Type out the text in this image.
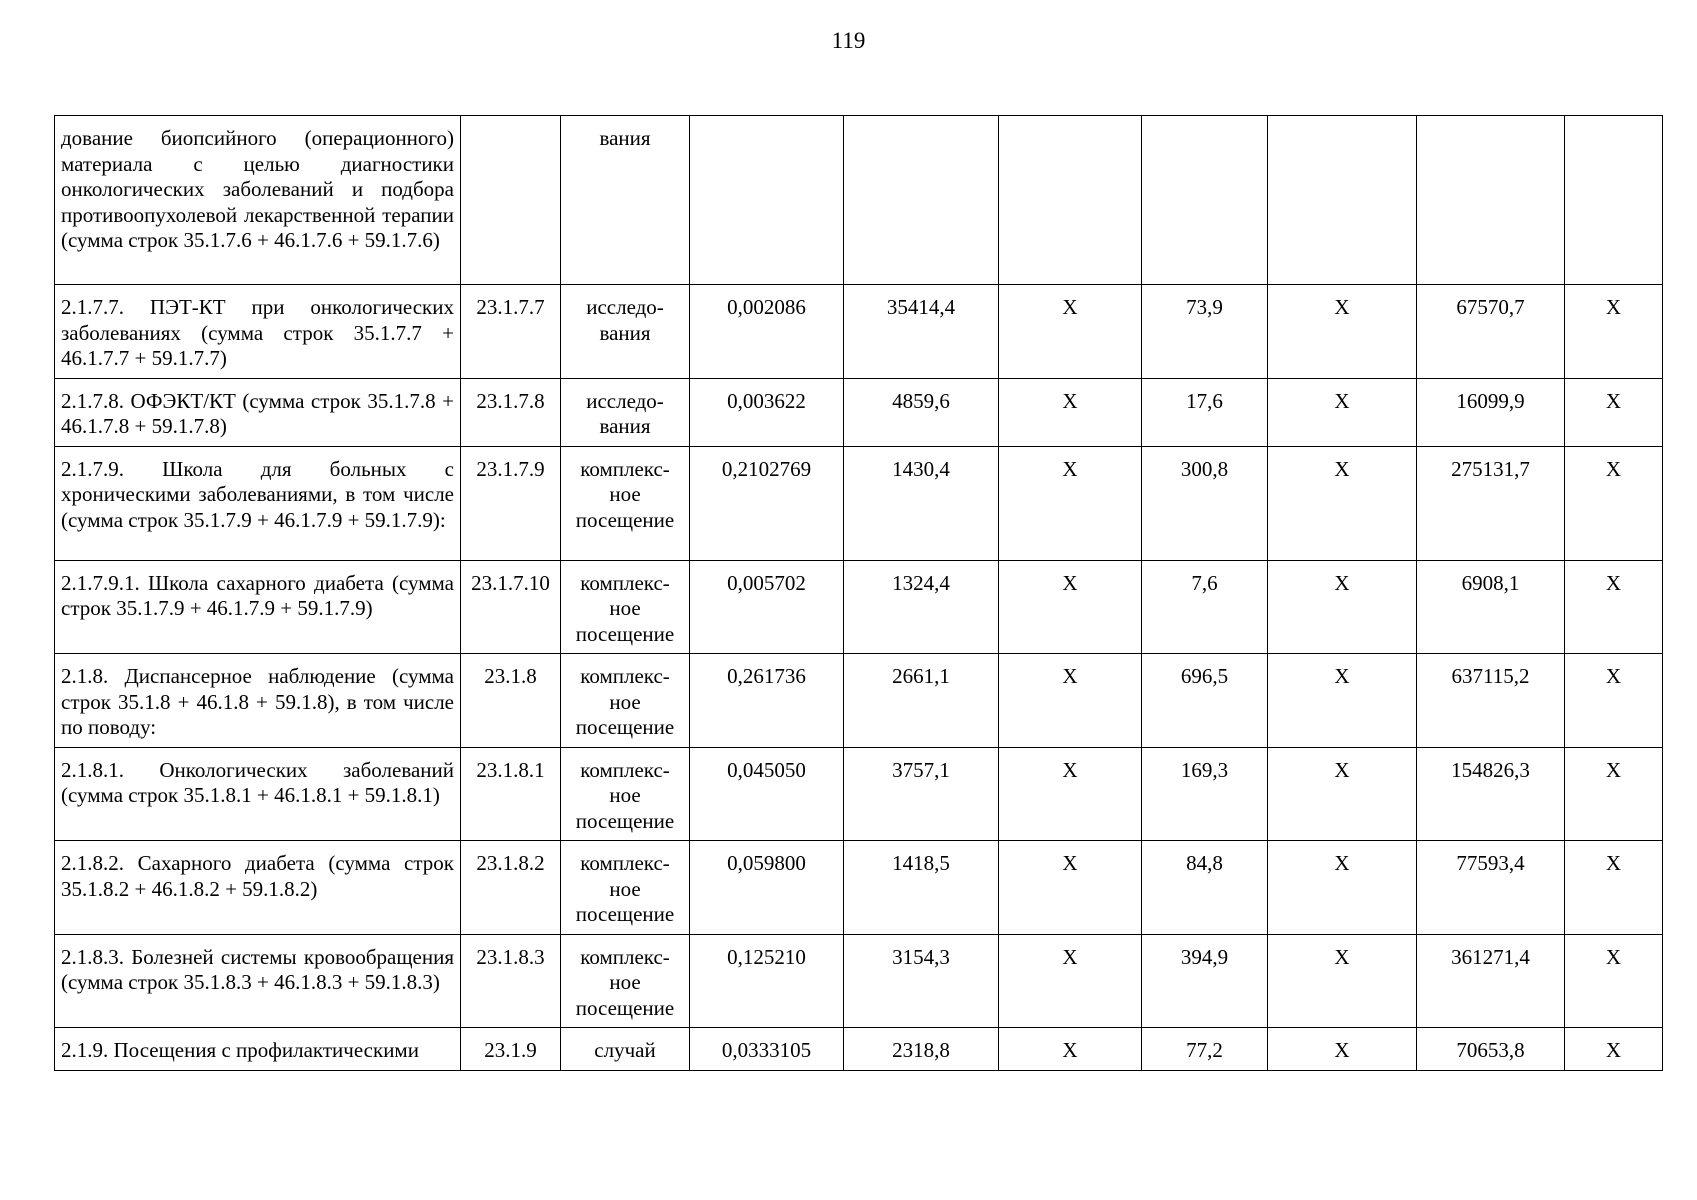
119
дование биопсийного (операционного) материала с целью диагностики онкологических заболеваний и подбора противоопухолевой лекарственной терапии (сумма строк 35.1.7.6 + 46.1.7.6 + 59.1.7.6)		вания							
2.1.7.7. ПЭТ-КТ при онкологических заболеваниях (сумма строк 35.1.7.7 + 46.1.7.7 + 59.1.7.7)	23.1.7.7	исследо-вания	0,002086	35414,4	X	73,9	X	67570,7	X
2.1.7.8. ОФЭКТ/КТ (сумма строк 35.1.7.8 + 46.1.7.8 + 59.1.7.8)	23.1.7.8	исследо-вания	0,003622	4859,6	X	17,6	X	16099,9	X
2.1.7.9. Школа для больных с хроническими заболеваниями, в том числе (сумма строк 35.1.7.9 + 46.1.7.9 + 59.1.7.9):	23.1.7.9	комплекс-ное посещение	0,2102769	1430,4	X	300,8	X	275131,7	X
2.1.7.9.1. Школа сахарного диабета (сумма строк 35.1.7.9 + 46.1.7.9 + 59.1.7.9)	23.1.7.10	комплекс-ное посещение	0,005702	1324,4	X	7,6	X	6908,1	X
2.1.8. Диспансерное наблюдение (сумма строк 35.1.8 + 46.1.8 + 59.1.8), в том числе по поводу:	23.1.8	комплекс-ное посещение	0,261736	2661,1	X	696,5	X	637115,2	X
2.1.8.1. Онкологических заболеваний (сумма строк 35.1.8.1 + 46.1.8.1 + 59.1.8.1)	23.1.8.1	комплекс-ное посещение	0,045050	3757,1	X	169,3	X	154826,3	X
2.1.8.2. Сахарного диабета (сумма строк 35.1.8.2 + 46.1.8.2 + 59.1.8.2)	23.1.8.2	комплекс-ное посещение	0,059800	1418,5	X	84,8	X	77593,4	X
2.1.8.3. Болезней системы кровообращения (сумма строк 35.1.8.3 + 46.1.8.3 + 59.1.8.3)	23.1.8.3	комплекс-ное посещение	0,125210	3154,3	X	394,9	X	361271,4	X
2.1.9. Посещения с профилактическими	23.1.9	случай	0,0333105	2318,8	X	77,2	X	70653,8	X
